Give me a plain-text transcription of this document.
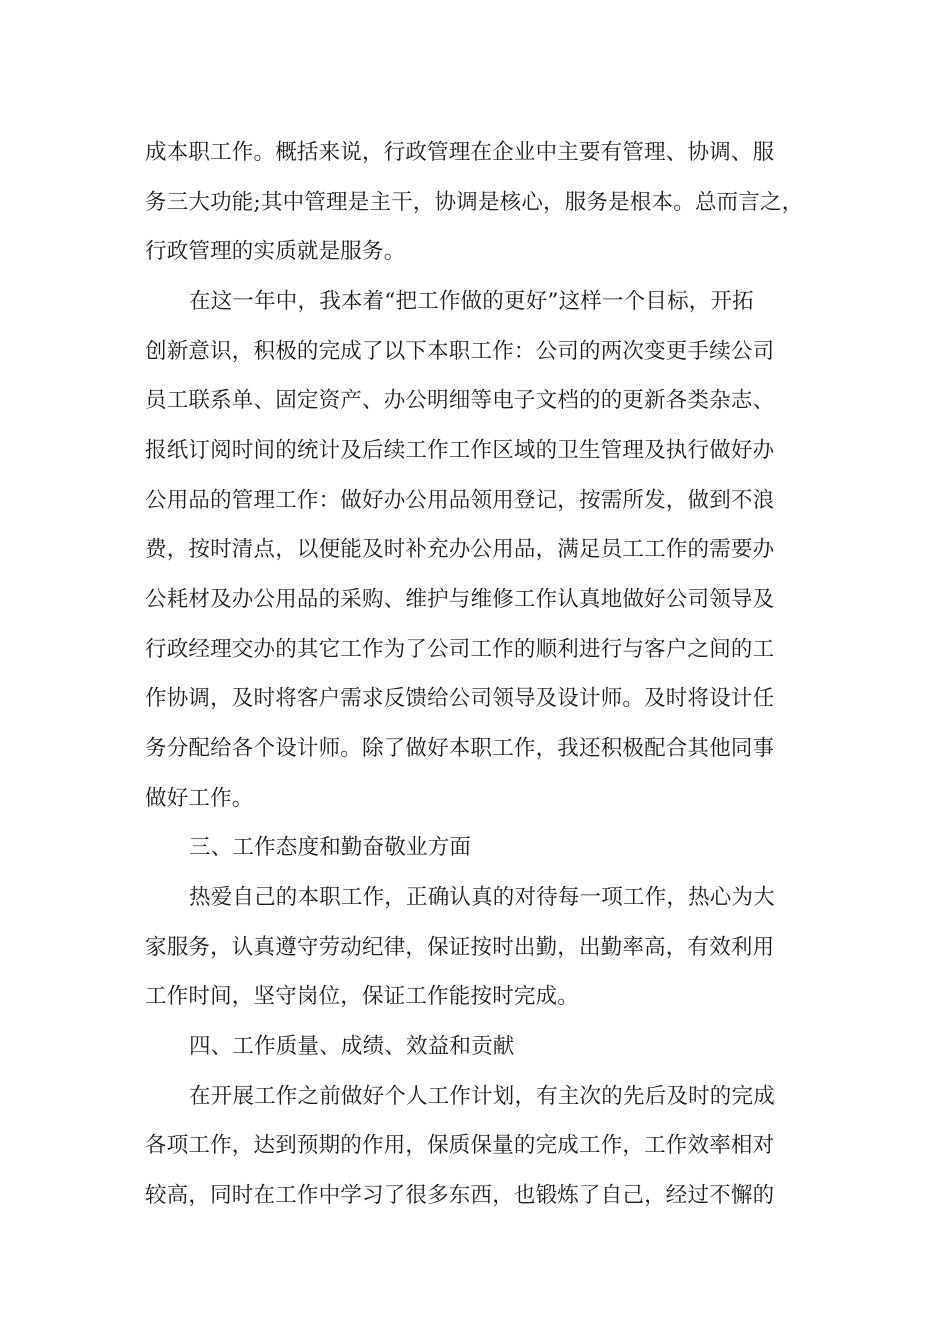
成本职工作。概括来说，行政管理在企业中主要有管理、协调、服

务三大功能;其中管理是主干，协调是核心，服务是根本。总而言之，

行政管理的实质就是服务。

在这一年中，我本着“把工作做的更好”这样一个目标，开拓

创新意识，积极的完成了以下本职工作：公司的两次变更手续公司

员工联系单、固定资产、办公明细等电子文档的的更新各类杂志、

报纸订阅时间的统计及后续工作工作区域的卫生管理及执行做好办

公用品的管理工作：做好办公用品领用登记，按需所发，做到不浪

费，按时清点，以便能及时补充办公用品，满足员工工作的需要办

公耗材及办公用品的采购、维护与维修工作认真地做好公司领导及

行政经理交办的其它工作为了公司工作的顺利进行与客户之间的工

作协调，及时将客户需求反馈给公司领导及设计师。及时将设计任

务分配给各个设计师。除了做好本职工作，我还积极配合其他同事

做好工作。

三、工作态度和勤奋敬业方面

热爱自己的本职工作，正确认真的对待每一项工作，热心为大

家服务，认真遵守劳动纪律，保证按时出勤，出勤率高，有效利用

工作时间，坚守岗位，保证工作能按时完成。

四、工作质量、成绩、效益和贡献

在开展工作之前做好个人工作计划，有主次的先后及时的完成

各项工作，达到预期的作用，保质保量的完成工作，工作效率相对

较高，同时在工作中学习了很多东西，也锻炼了自己，经过不懈的
